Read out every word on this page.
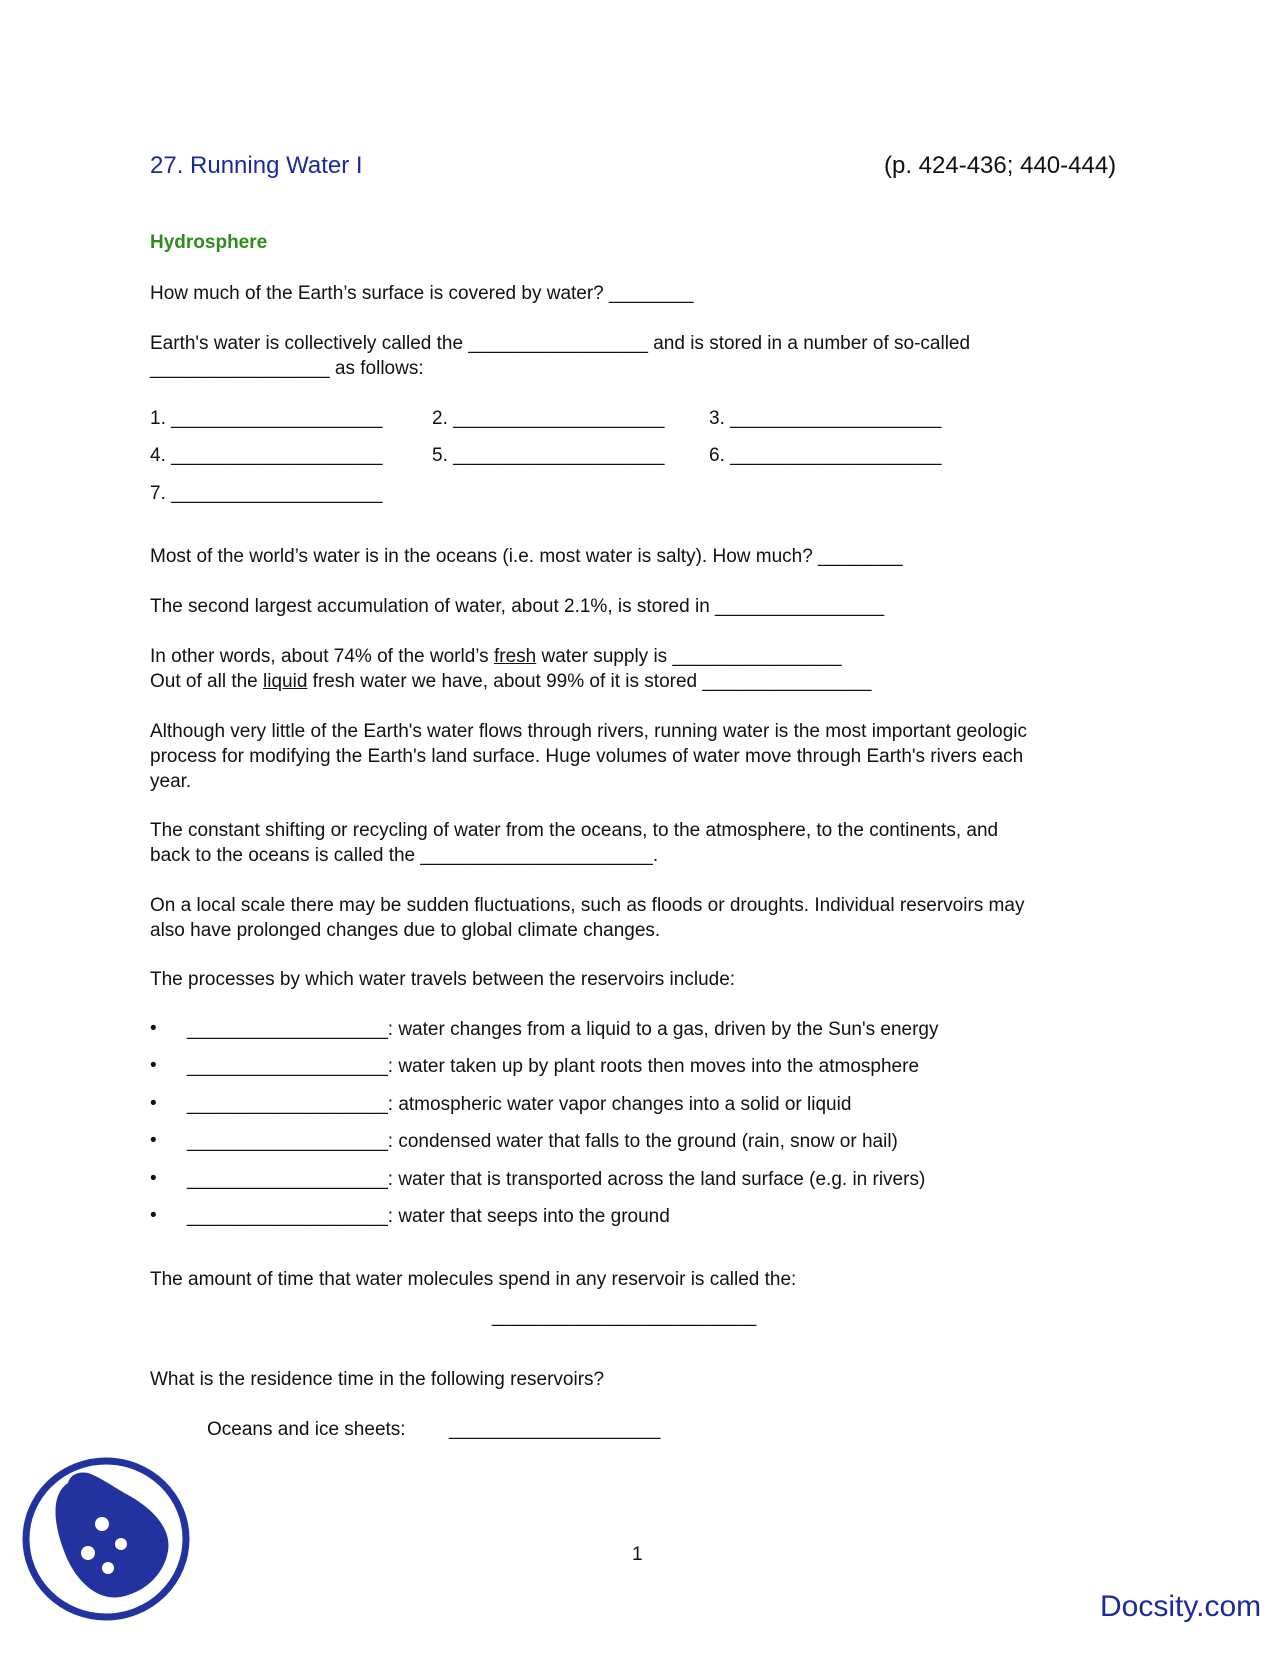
27. Running Water I	(p. 424-436; 440-444)
Hydrosphere
How much of the Earth’s surface is covered by water? ________
Earth's water is collectively called the _________________ and is stored in a number of so-called
_________________ as follows:
1. ____________________	2. ____________________ 3. ____________________
4. ____________________	5. ____________________ 6. ____________________
7. ____________________
Most of the world’s water is in the oceans (i.e. most water is salty). How much? ________
The second largest accumulation of water, about 2.1%, is stored in ________________
In other words, about 74% of the world’s fresh water supply is ________________
Out of all the liquid fresh water we have, about 99% of it is stored ________________
Although very little of the Earth's water flows through rivers, running water is the most important geologic
process for modifying the Earth's land surface. Huge volumes of water move through Earth's rivers each
year.
The constant shifting or recycling of water from the oceans, to the atmosphere, to the continents, and
back to the oceans is called the ______________________.
On a local scale there may be sudden fluctuations, such as floods or droughts. Individual reservoirs may
also have prolonged changes due to global climate changes.
The processes by which water travels between the reservoirs include:
• ___________________: water changes from a liquid to a gas, driven by the Sun's energy
• ___________________: water taken up by plant roots then moves into the atmosphere
• ___________________: atmospheric water vapor changes into a solid or liquid
• ___________________: condensed water that falls to the ground (rain, snow or hail)
• ___________________: water that is transported across the land surface (e.g. in rivers)
• ___________________: water that seeps into the ground
The amount of time that water molecules spend in any reservoir is called the:
_________________________
What is the residence time in the following reservoirs?
Oceans and ice sheets: ____________________
1
Docsity.com
